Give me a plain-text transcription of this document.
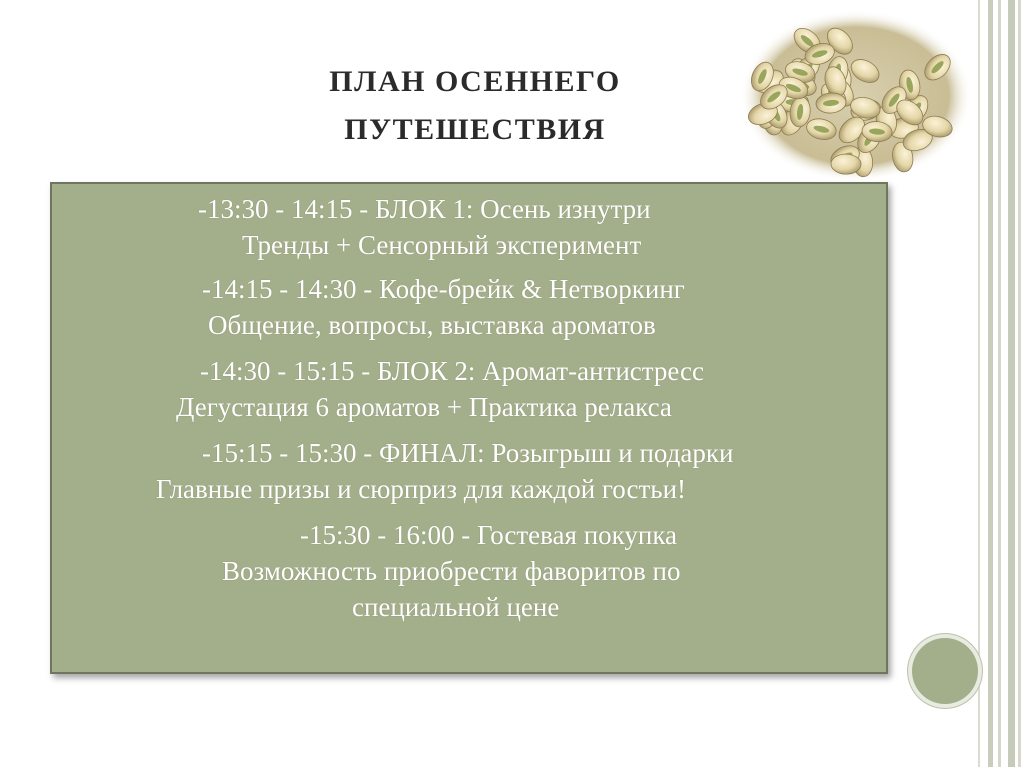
ПЛАН ОСЕННЕГО
ПУТЕШЕСТВИЯ
-13:30 - 14:15 - БЛОК 1: Осень изнутри
Тренды + Сенсорный эксперимент
-14:15 - 14:30 - Кофе-брейк & Нетворкинг
Общение, вопросы, выставка ароматов
-14:30 - 15:15 - БЛОК 2: Аромат-антистресс
Дегустация 6 ароматов + Практика релакса
-15:15 - 15:30 - ФИНАЛ: Розыгрыш и подарки
Главные призы и сюрприз для каждой гостьи!
-15:30 - 16:00 - Гостевая покупка
Возможность приобрести фаворитов по
специальной цене
